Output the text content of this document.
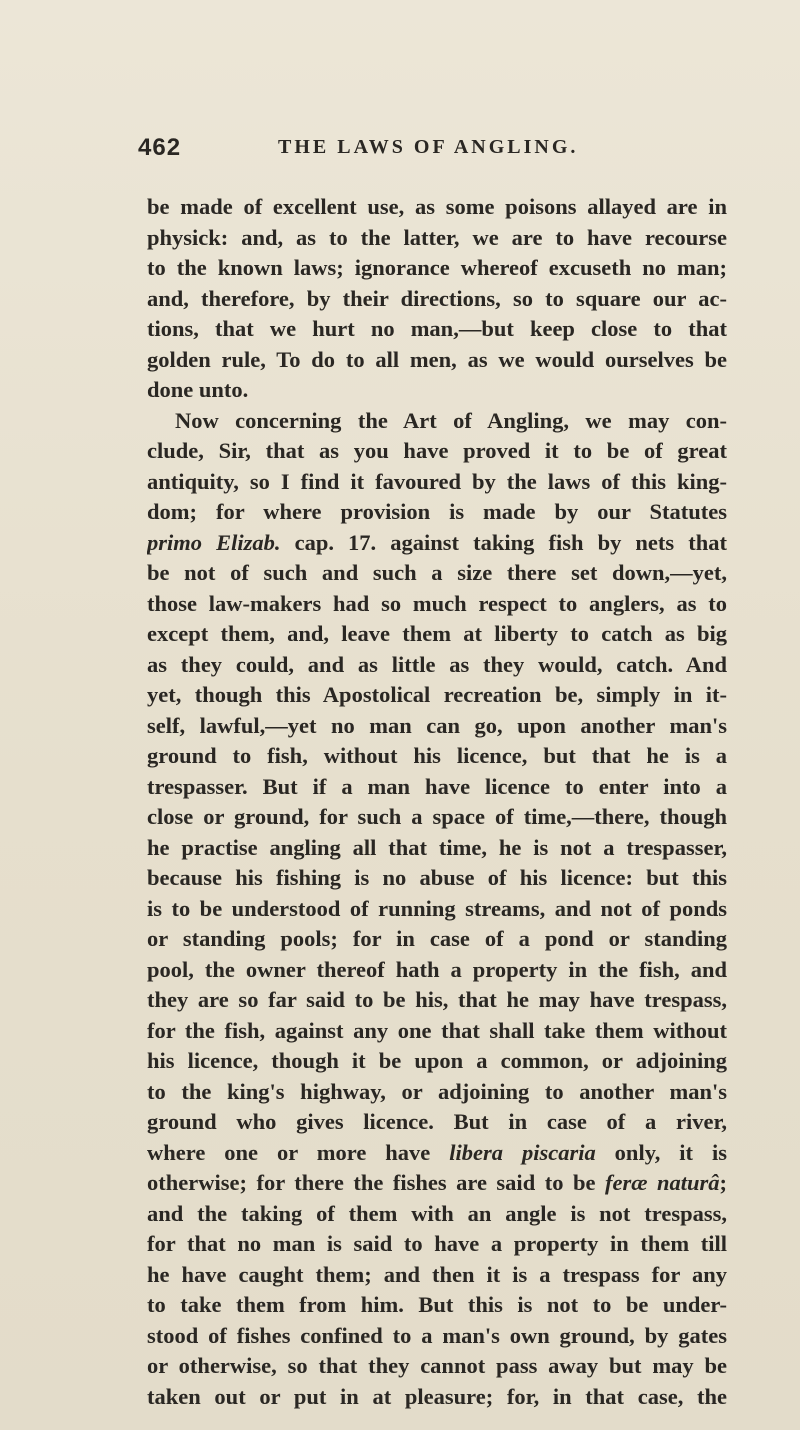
462	THE LAWS OF ANGLING.
be made of excellent use, as some poisons allayed are in
physick: and, as to the latter, we are to have recourse
to the known laws; ignorance whereof excuseth no man;
and, therefore, by their directions, so to square our ac-
tions, that we hurt no man,—but keep close to that
golden rule, To do to all men, as we would ourselves be
done unto.
Now concerning the Art of Angling, we may con-
clude, Sir, that as you have proved it to be of great
antiquity, so I find it favoured by the laws of this king-
dom; for where provision is made by our Statutes
primo Elizab. cap. 17. against taking fish by nets that
be not of such and such a size there set down,—yet,
those law-makers had so much respect to anglers, as to
except them, and, leave them at liberty to catch as big
as they could, and as little as they would, catch. And
yet, though this Apostolical recreation be, simply in it-
self, lawful,—yet no man can go, upon another man's
ground to fish, without his licence, but that he is a
trespasser. But if a man have licence to enter into a
close or ground, for such a space of time,—there, though
he practise angling all that time, he is not a trespasser,
because his fishing is no abuse of his licence: but this
is to be understood of running streams, and not of ponds
or standing pools; for in case of a pond or standing
pool, the owner thereof hath a property in the fish, and
they are so far said to be his, that he may have trespass,
for the fish, against any one that shall take them without
his licence, though it be upon a common, or adjoining
to the king's highway, or adjoining to another man's
ground who gives licence. But in case of a river,
where one or more have libera piscaria only, it is
otherwise; for there the fishes are said to be feræ naturâ;
and the taking of them with an angle is not trespass,
for that no man is said to have a property in them till
he have caught them; and then it is a trespass for any
to take them from him. But this is not to be under-
stood of fishes confined to a man's own ground, by gates
or otherwise, so that they cannot pass away but may be
taken out or put in at pleasure; for, in that case, the
